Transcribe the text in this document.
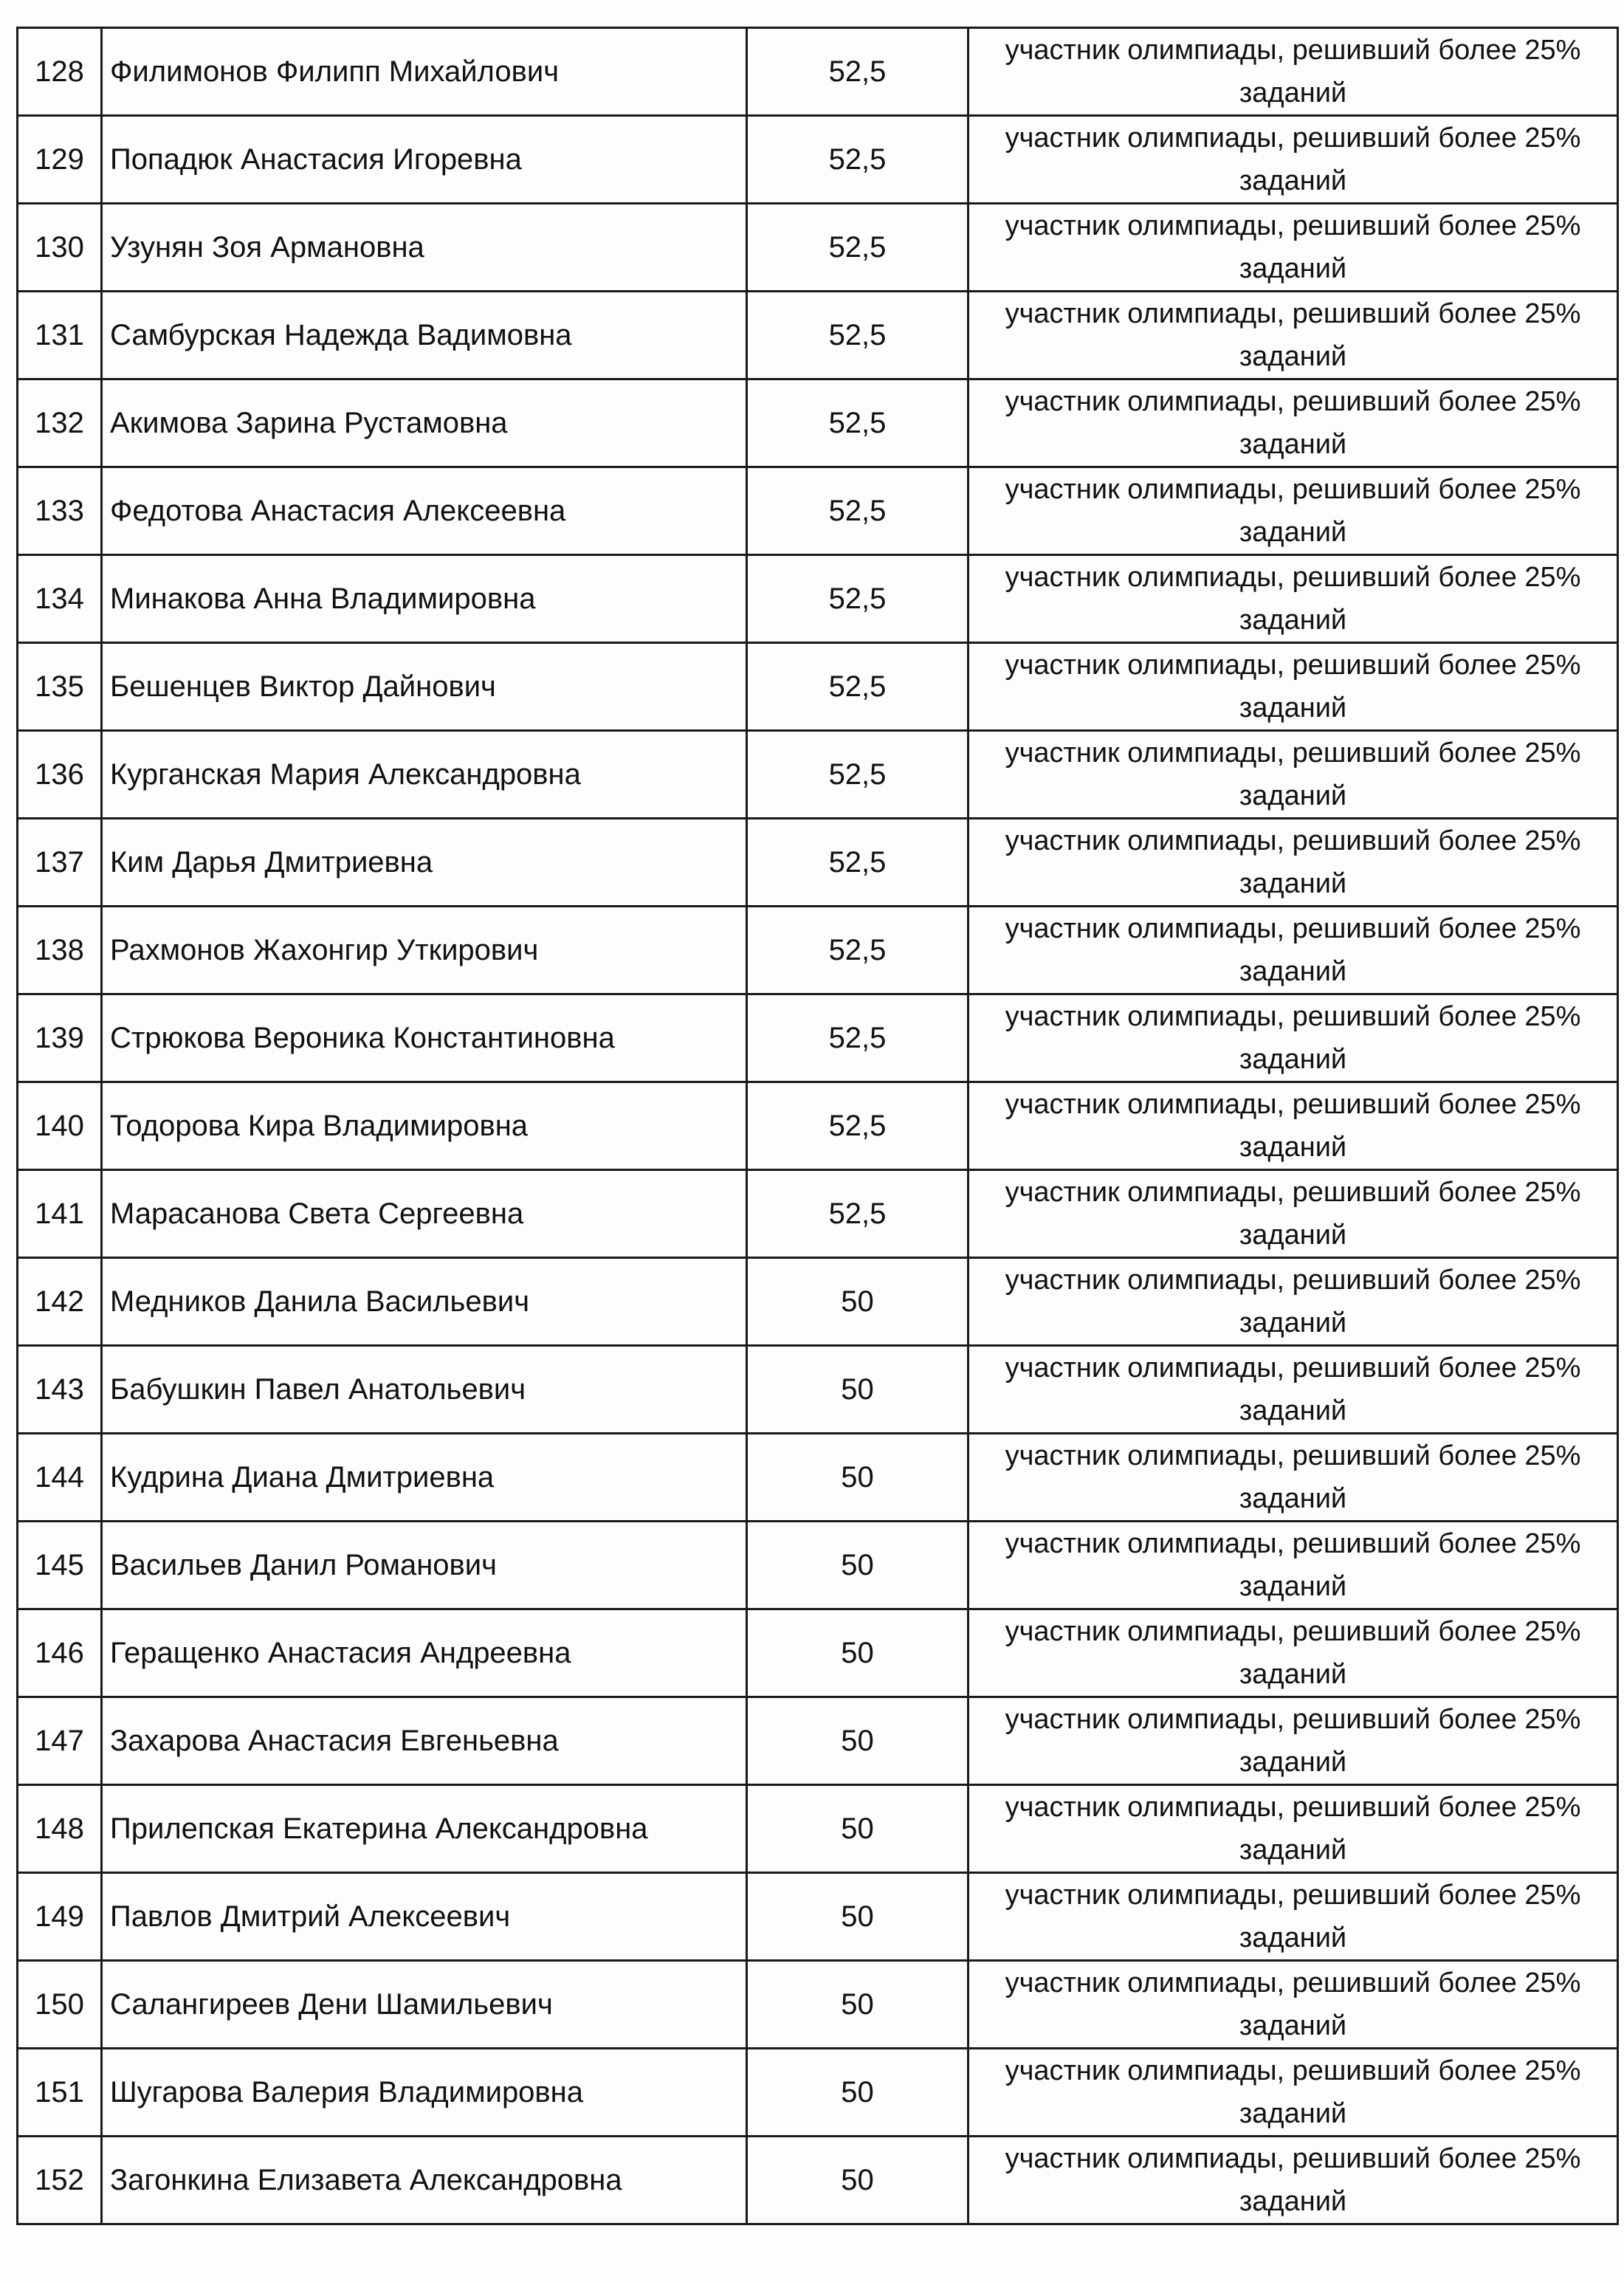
128	Филимонов Филипп Михайлович	52,5	участник олимпиады, решивший более 25%
заданий

129	Попадюк Анастасия Игоревна	52,5	участник олимпиады, решивший более 25%
заданий

130	Узунян Зоя Армановна	52,5	участник олимпиады, решивший более 25%
заданий

131	Самбурская Надежда Вадимовна	52,5	участник олимпиады, решивший более 25%
заданий

132	Акимова Зарина Рустамовна	52,5	участник олимпиады, решивший более 25%
заданий

133	Федотова Анастасия Алексеевна	52,5	участник олимпиады, решивший более 25%
заданий

134	Минакова Анна Владимировна	52,5	участник олимпиады, решивший более 25%
заданий

135	Бешенцев Виктор Дайнович	52,5	участник олимпиады, решивший более 25%
заданий

136	Курганская Мария Александровна	52,5	участник олимпиады, решивший более 25%
заданий

137	Ким Дарья Дмитриевна	52,5	участник олимпиады, решивший более 25%
заданий

138	Рахмонов Жахонгир Уткирович	52,5	участник олимпиады, решивший более 25%
заданий

139	Стрюкова Вероника Константиновна	52,5	участник олимпиады, решивший более 25%
заданий

140	Тодорова Кира Владимировна	52,5	участник олимпиады, решивший более 25%
заданий

141	Марасанова Света Сергеевна	52,5	участник олимпиады, решивший более 25%
заданий

142	Медников Данила Васильевич	50	участник олимпиады, решивший более 25%
заданий

143	Бабушкин Павел Анатольевич	50	участник олимпиады, решивший более 25%
заданий

144	Кудрина Диана Дмитриевна	50	участник олимпиады, решивший более 25%
заданий

145	Васильев Данил Романович	50	участник олимпиады, решивший более 25%
заданий

146	Геращенко Анастасия Андреевна	50	участник олимпиады, решивший более 25%
заданий

147	Захарова Анастасия Евгеньевна	50	участник олимпиады, решивший более 25%
заданий

148	Прилепская Екатерина Александровна	50	участник олимпиады, решивший более 25%
заданий

149	Павлов Дмитрий Алексеевич	50	участник олимпиады, решивший более 25%
заданий

150	Салангиреев Дени Шамильевич	50	участник олимпиады, решивший более 25%
заданий

151	Шугарова Валерия Владимировна	50	участник олимпиады, решивший более 25%
заданий

152	Загонкина Елизавета Александровна	50	участник олимпиады, решивший более 25%
заданий
